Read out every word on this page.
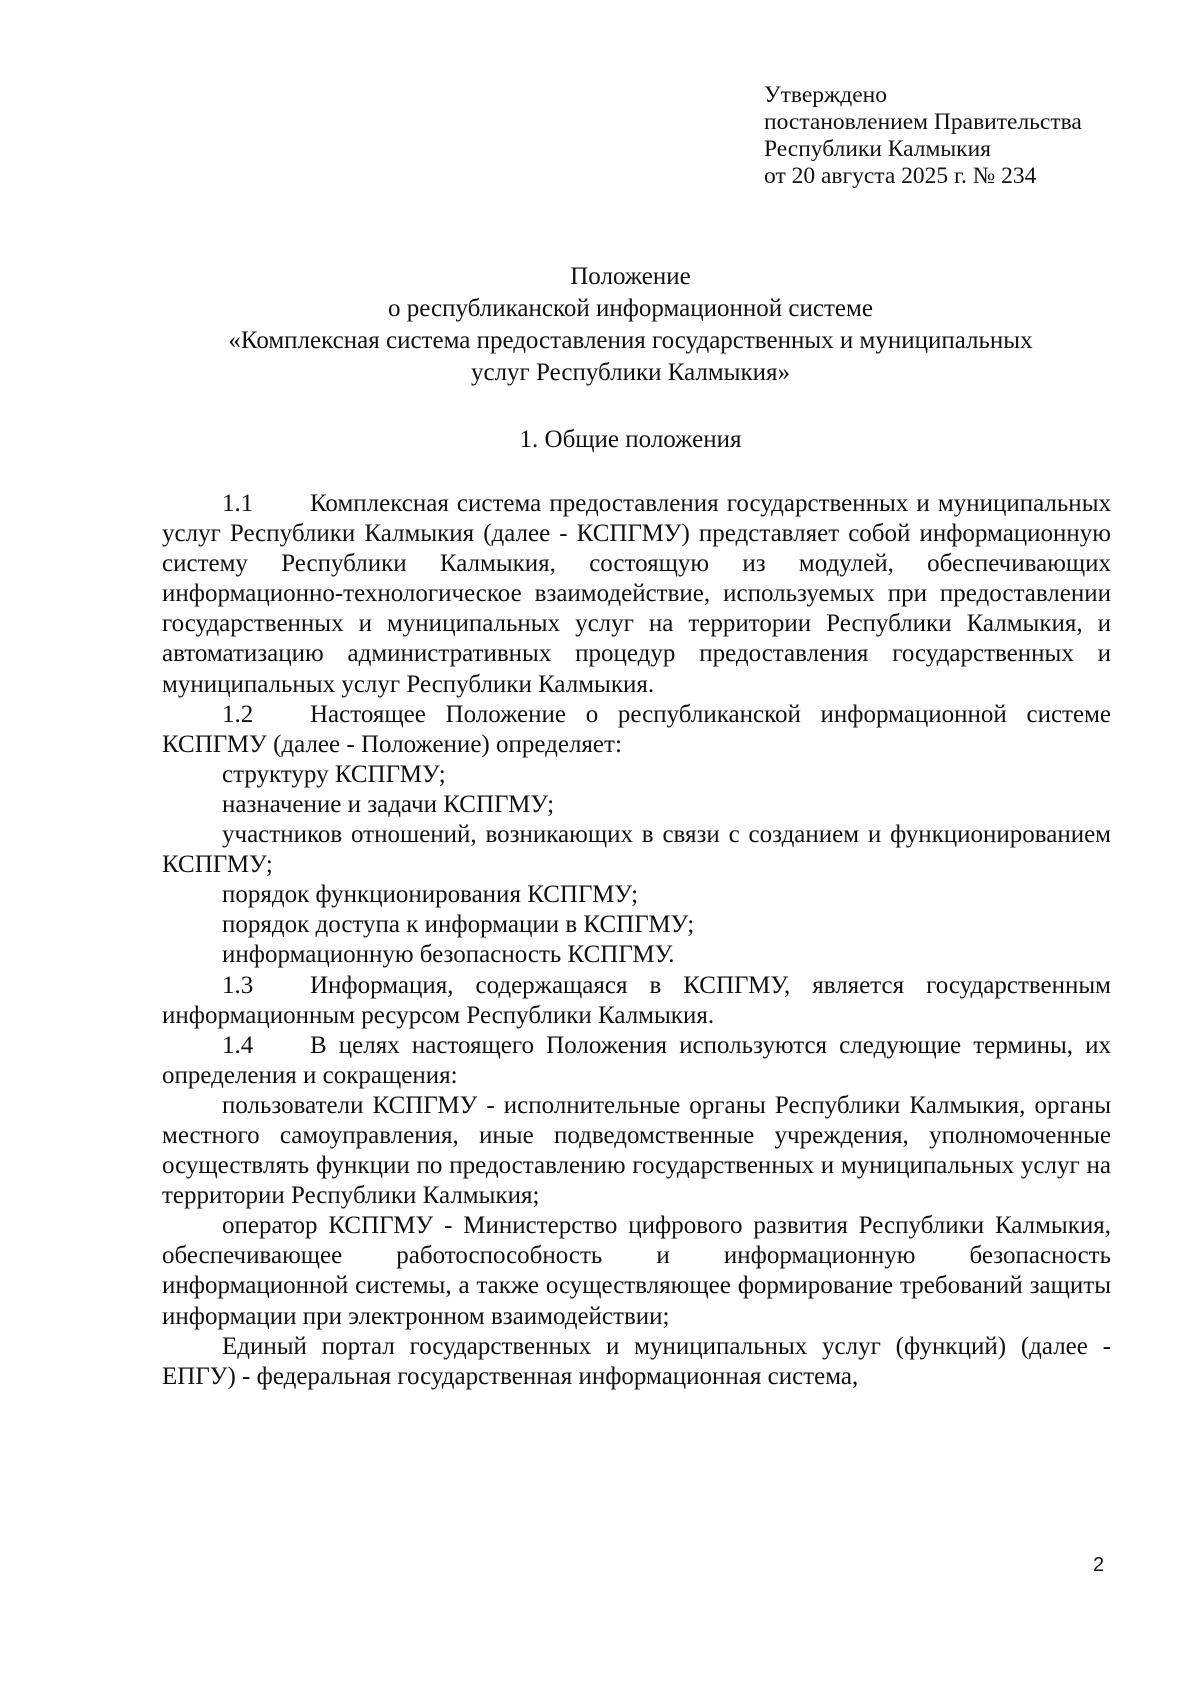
Утверждено
постановлением Правительства
Республики Калмыкия
от 20 августа 2025 г. № 234
Положение
о республиканской информационной системе
«Комплексная система предоставления государственных и муниципальных
услуг Республики Калмыкия»
1. Общие положения

1.1 Комплексная система предоставления государственных и муниципальных услуг Республики Калмыкия (далее - КСПГМУ) представляет собой информационную систему Республики Калмыкия, состоящую из модулей, обеспечивающих информационно-технологическое взаимодействие, используемых при предоставлении государственных и муниципальных услуг на территории Республики Калмыкия, и автоматизацию административных процедур предоставления государственных и муниципальных услуг Республики Калмыкия.

1.2 Настоящее Положение о республиканской информационной системе КСПГМУ (далее - Положение) определяет:

структуру КСПГМУ;

назначение и задачи КСПГМУ;

участников отношений, возникающих в связи с созданием и функционированием КСПГМУ;

порядок функционирования КСПГМУ;

порядок доступа к информации в КСПГМУ;

информационную безопасность КСПГМУ.

1.3 Информация, содержащаяся в КСПГМУ, является государственным информационным ресурсом Республики Калмыкия.

1.4 В целях настоящего Положения используются следующие термины, их определения и сокращения:

пользователи КСПГМУ - исполнительные органы Республики Калмыкия, органы местного самоуправления, иные подведомственные учреждения, уполномоченные осуществлять функции по предоставлению государственных и муниципальных услуг на территории Республики Калмыкия;

оператор КСПГМУ - Министерство цифрового развития Республики Калмыкия, обеспечивающее работоспособность и информационную безопасность информационной системы, а также осуществляющее формирование требований защиты информации при электронном взаимодействии;

Единый портал государственных и муниципальных услуг (функций) (далее - ЕПГУ) - федеральная государственная информационная система,

2
